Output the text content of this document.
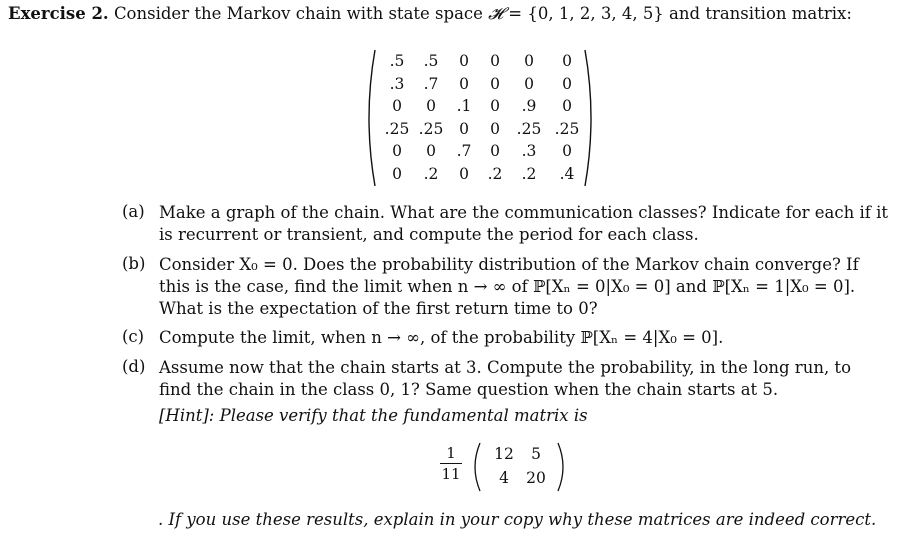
Exercise 2. Consider the Markov chain with state space 𝓗 = {0, 1, 2, 3, 4, 5} and transition matrix:
.5	.5	0	0	0	0
.3	.7	0	0	0	0
0	0	.1	0	.9	0
.25 .25	0	0	.25 .25
0	0	.7	0	.3	0
0	.2	0	.2	.2	.4
(a) Make a graph of the chain. What are the communication classes? Indicate for each if it
is recurrent or transient, and compute the period for each class.
(b) Consider X₀ = 0. Does the probability distribution of the Markov chain converge? If
this is the case, find the limit when n → ∞ of ℙ[Xₙ = 0|X₀ = 0] and ℙ[Xₙ = 1|X₀ = 0].
What is the expectation of the first return time to 0?
(c) Compute the limit, when n → ∞, of the probability ℙ[Xₙ = 4|X₀ = 0].
(d) Assume now that the chain starts at 3. Compute the probability, in the long run, to
find the chain in the class 0, 1? Same question when the chain starts at 5.
[Hint]: Please verify that the fundamental matrix is
1
11
12	5
4	20
. If you use these results, explain in your copy why these matrices are indeed correct.
